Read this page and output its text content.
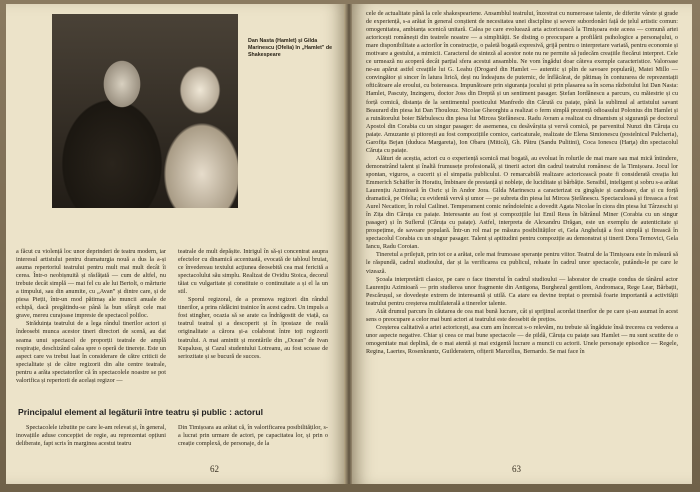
Dan Nasta (Hamlet) și Gilda Marinescu (Ofelia) în „Hamlet" de Shakespeare

a făcut cu violență loc unor deprinderi de teatru modern, iar interesul artistului pentru dramaturgia nouă a dus la a-și asuma repertoriul teatrului pentru mult mai mult decât îi cerea. Într-o neobișnuită și răsfățată — cum de altfel, nu trebuie decât simplă — mai fel cu ale lui Bertolt, o mărturie a timpului, sau din anumite, cu „Avan” și dintre care, și de piesa Pieții, într-un mod pătimaș ale muncii anuale de echipă, dacă pregătindu-se până la bun sfârșit cele mai grave, mereu curajoase impresie de spectacol poliloc.

Străduința teatrului de a lega rândul tinerilor actori și îndeosebi munca acestor tineri directori de scenă, au dat seama unui spectacol de proporții teatrale de amplă respirație, deschizând calea spre o operă de tinerețe. Este un aspect care va trebui luat în considerare de către criticii de specialitate și de către regizorii din alte centre teatrale, pentru a arăta spectatorilor că în spectacolele noastre se pot valorifica și repertorii de același regizor —

teatrale de mult depășite. Intrigul în să-și concentrat asupra efectelor cu dinamică accentuată, evocată de tabloul bruiat, ce învedereau textului acțiunea deosebită cea mai fericită a spectacolului său simplu. Realizat de Ovidiu Stoica, decorul tăiat cu vulgaritate și constituie o continuitate a și el la un stil.

Sporul regizoral, de a promova regizori din rândul tinerilor, a prins rădăcini trainice în acest cadru. Un impuls a fost stingher, ocazia să se arate ca îndrăgostit de viață, ca teatrul teatral și a descoperit și în ipostaze de reală originalitate a cărora și-a colaborat între toți regizorii teatrului. A mai amintit și montările din „Ocean" de Ivan Kupalusu, și Cazul studentului Lotreanu, au fost scoase de seriozitate și se bucură de succes.

Principalul element al legăturii între teatru și public : actorul

Spectacolele izbutite pe care le-am relevat și, în general, inovațiile aduse concepției de regie, au reprezentat opțiuni deliberate, fapt scris în marginea acestui teatru

Din Timișoara au arătat că, în valorificarea posibilităților, s-a lucrat prin urmare de actori, pe capacitatea lor, și prin o creație complexă, de personaje, de la

62

cele de actualitate până la cele shakespeariene. Ansamblul teatrului, înzestrat cu numeroase talente, de diferite vârste și grade de experiență, s-a arătat în general conștient de necesitatea unei discipline și severe subordonări față de țelul artistic comun: omogenitatea, ambianța scenică unitară. Calea pe care evoluează arta actoricească la Timișoara este aceea — comună artei actoricești românești din teatrele noastre — a simplității. Se disting o preocupare a profilării psihologice a personajului, o mare disponibilitate a actorilor în construcție, o paletă bogată expresivă, grijă pentru o interpretare variată, pentru economie și motivare a gestului, a mimicii. Caracterul de sinteză al acestor note nu ne permite să judecăm creațiile fiecărui interpret. Cele ce urmează nu acoperă decât parțial sfera acestui ansamblu. Ne vom îngădui doar câteva exemple caracteristice. Valoroase ne-au apărut astfel creațiile lui G. Leahu (Drogard din Hamlet — autentic și plin de savoare populară), Matei Millo — convingător și sincer în latura lirică, deși nu îndeajuns de puternic, de înflăcărat, de pătimaș în conturarea de reprezentații ofticătoare ale eroului, cu boiereasca. Impunătoare prin siguranța jocului și prin plasarea sa în scena războiului lui Dan Nasta: Hamlet, Pascuty, Inzingeru, doctor Joss din Dreptă și un sentiment pasager. Ștefan Iordănescu a parcurs, cu măiestrie și cu forță comică, distanța de la sentimentul poeticului Manfredo din Cărută cu paiațe, până la sublimul al artistului savant Beaurard din piesa lui Dan Thoulouz. Nicolae Gheorghiu a realizat o ferm simplă prezență odioasului Polonius din Hamlet și a ruinătorului boier Bărbulescu din piesa lui Mircea Ștefănescu. Radu Avram a realizat cu dinamism și siguranță pe doctorul Apostol din Corabia cu un singur pasager: de asemenea, cu desăvârșita și vervă comică, pe parvenitul Nunzi din Căruța cu paiațe. Amuzante și pitorești au fost compozițiile comice, caricaturale, realizate de Elena Simionescu (postelnicul Pulcheria), Garofița Bejan (duduca Margareta), Ion Obaru (Mitică), Gh. Pătru (Sandu Pulitini), Coca Ionescu (Harţa) din spectacolul Căruța cu paiațe.

Alături de aceștia, actori cu o experiență scenică mai bogată, au evoluat în rolurile de mai mare sau mai mică întindere, demonstrând talent și înaltă frumusețe profesională, și tinerii actori din cadrul teatrului românesc de la Timișoara. Jocul lor spontan, viguros, a cucerit și el simpatia publicului. O remarcabilă realizare actoricească poate fi considerată creația lui Emmerich Schäffer în Horatiu, îmbinare de prestanță și noblețe, de luciditate și bărbăție. Sensibil, inteligent și sobru s-a arătat Laurențiu Azimioară în Osric și în Andor Jora. Gilda Marinescu a caracterizat cu gingășie și candoare, dar și cu forță dramatică, pe Ofelia; cu evidentă vervă și umor — pe subreta din piesa lui Mircea Ștefănescu. Spectaculoasă și fireasca a fost Aurel Necaticer, în rolul Cailinei. Temperament comic neîndoielnic a dovedit Agata Nicolae în ciora din piesa lui Târzeschi și în Zița din Căruța cu paiațe. Interesante au fost și compozițiile lui Emil Reus în bătrânul Miner (Corabia cu un singur pasager) și în Suflerul (Căruța cu paiațe). Astfel, interpreta de Alexandru Drăgan, este un exemplu de autenticitate și prospețime, de savoare populară. Într-un rol mai pe măsura posibilităților ei, Gela Angheluță a fost simplă și firească în spectacolul Corabia cu un singur pasager. Talent și aptitudini pentru compoziție au demonstrat și tinerii Dora Ternovici, Gela Iancu, Radu Coroian.

Tineretul a prilejuit, prin tot ce a arătat, cele mai frumoase speranțe pentru viitor. Teatrul de la Timișoara este în măsură să le răspundă, cadrul studioului, dar și la verificarea cu publicul, reluate în cadrul unor spectacole, putându-le pe care le vizează.

Școala interpretării clasice, pe care o face tineretul în cadrul studioului — laborator de creație condus de tânărul actor Laurențiu Azimioară — prin studierea unor fragmente din Antigona, Burghezul gentilom, Andromaca, Rege Lear, Bărbații, Pescărușul, se dovedește extrem de interesantă și utilă. Ca atare ea devine treptat o premisă foarte importantă a activității teatrului pentru creșterea multilaterală a tinerelor talente.

Atât drumul parcurs în căutarea de cea mai bună lucrare, cât și sprijinul acordat tinerilor de pe care și-au asumat în acest sens o preocupare a celor mai buni actori ai teatrului este deosebit de prețios.

Creșterea calitativă a artei actoricești, asa cum am încercat s-o relevăm, nu trebuie să îngăduie însă trecerea cu vederea a unor aspecte negative. Chiar și ceea ce mai bune spectacole — de pildă, Căruța cu paiațe sau Hamlet — nu sunt scutite de o omogenitate mai deplină, de o mai atentă și mai exigentă lucrare a muncii cu actorii. Unele personaje episodice — Regele, Regina, Laertes, Rosenkrantz, Guildenstern, ofițerii Marcellus, Bernardo. Se mai face în

63
